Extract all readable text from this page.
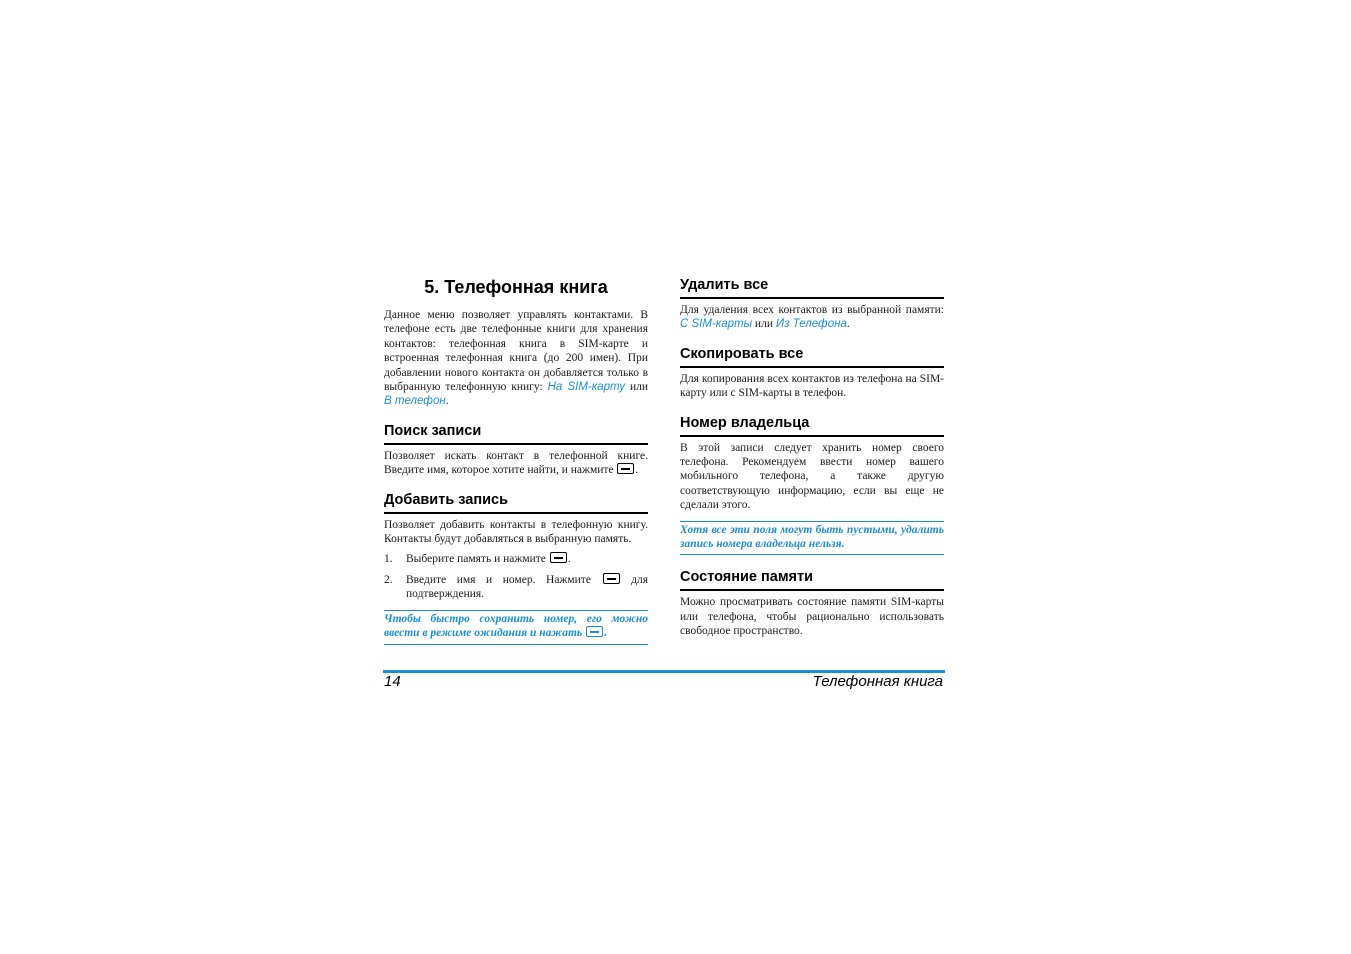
5. Телефонная книга

Данное меню позволяет управлять контактами. В телефоне есть две телефонные книги для хранения контактов: телефонная книга в SIM-карте и встроенная телефонная книга (до 200 имен). При добавлении нового контакта он добавляется только в выбранную телефонную книгу: На SIM-карту или В телефон.

Поиск записи

Позволяет искать контакт в телефонной книге. Введите имя, которое хотите найти, и нажмите .

Добавить запись

Позволяет добавить контакты в телефонную книгу. Контакты будут добавляться в выбранную память.

1.	Выберите память и нажмите .
2.	Введите имя и номер. Нажмите  для подтверждения.
Чтобы быстро сохранить номер, его можно ввести в режиме ожидания и нажать .
Удалить все

Для удаления всех контактов из выбранной памяти: С SIM-карты или Из Телефона.

Скопировать все

Для копирования всех контактов из телефона на SIM-карту или с SIM-карты в телефон.

Номер владельца

В этой записи следует хранить номер своего телефона. Рекомендуем ввести номер вашего мобильного телефона, а также другую соответствующую информацию, если вы еще не сделали этого.

Хотя все эти поля могут быть пустыми, удалить запись номера владельца нельзя.
Состояние памяти

Можно просматривать состояние памяти SIM-карты или телефона, чтобы рационально использовать свободное пространство.

14	Телефонная книга
